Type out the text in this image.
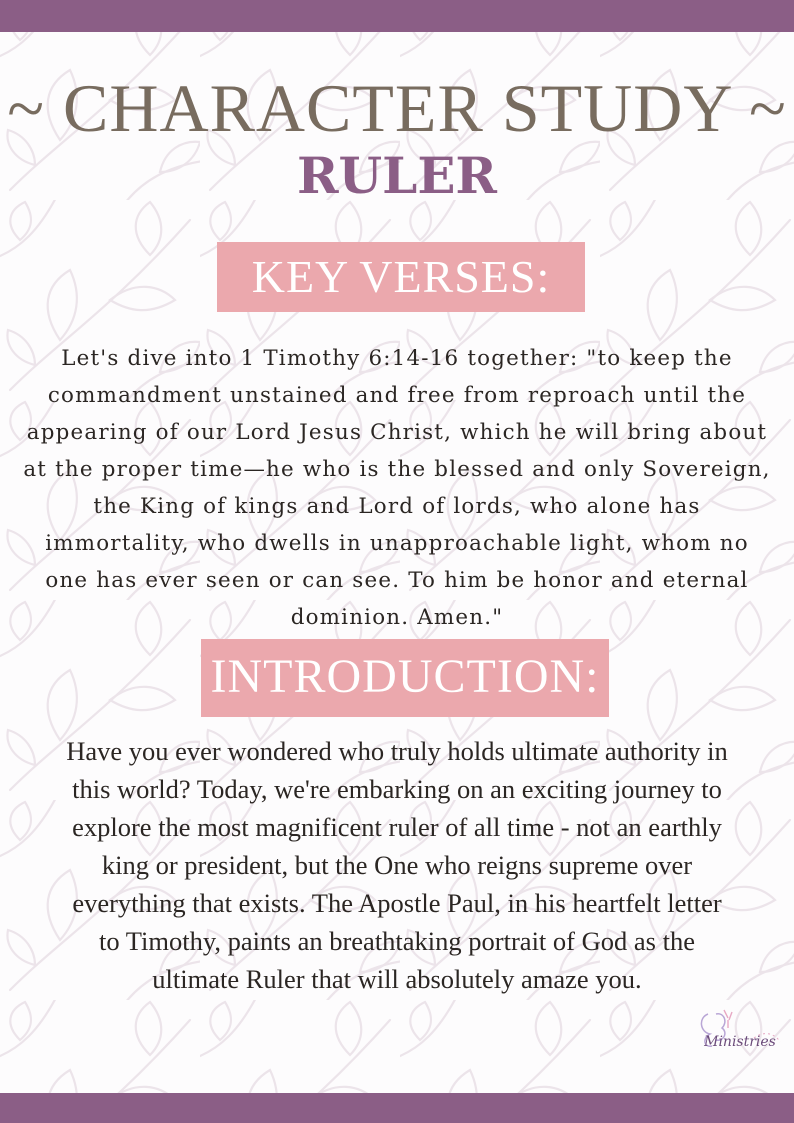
~ CHARACTER STUDY ~
RULER
KEY VERSES:
Let's dive into 1 Timothy 6:14-16 together: "to keep the
commandment unstained and free from reproach until the
appearing of our Lord Jesus Christ, which he will bring about
at the proper time—he who is the blessed and only Sovereign,
the King of kings and Lord of lords, who alone has
immortality, who dwells in unapproachable light, whom no
one has ever seen or can see. To him be honor and eternal
dominion. Amen."
INTRODUCTION:
Have you ever wondered who truly holds ultimate authority in
this world? Today, we're embarking on an exciting journey to
explore the most magnificent ruler of all time - not an earthly
king or president, but the One who reigns supreme over
everything that exists. The Apostle Paul, in his heartfelt letter
to Timothy, paints an breathtaking portrait of God as the
ultimate Ruler that will absolutely amaze you.
Ministries
